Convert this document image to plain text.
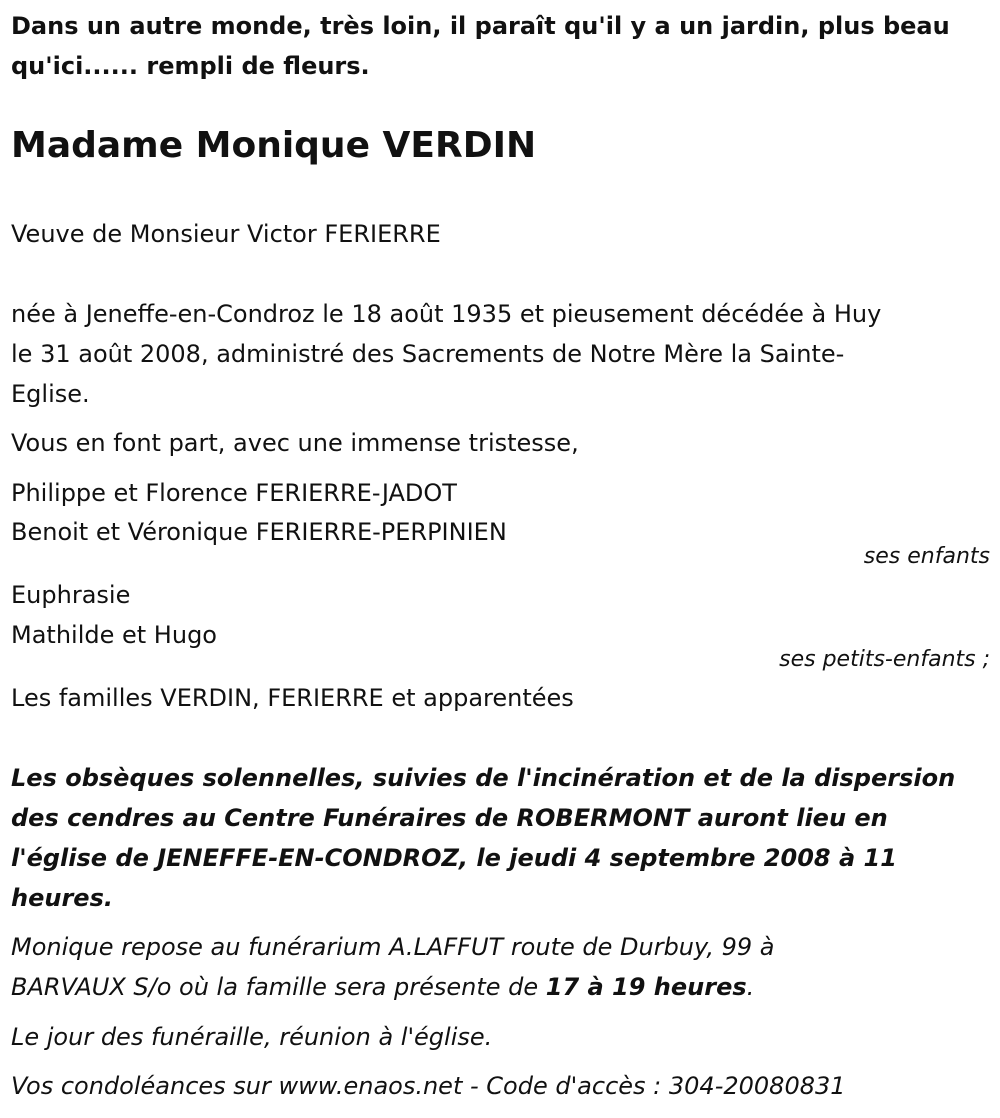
Dans un autre monde, très loin, il paraît qu'il y a un jardin, plus beau
qu'ici...... rempli de fleurs.
Madame Monique VERDIN
Veuve de Monsieur Victor FERIERRE
née à Jeneffe-en-Condroz le 18 août 1935 et pieusement décédée à Huy
le 31 août 2008, administré des Sacrements de Notre Mère la Sainte-
Eglise.
Vous en font part, avec une immense tristesse,
Philippe et Florence FERIERRE-JADOT
Benoit et Véronique FERIERRE-PERPINIEN
ses enfants
Euphrasie
Mathilde et Hugo
ses petits-enfants ;
Les familles VERDIN, FERIERRE et apparentées
Les obsèques solennelles, suivies de l'incinération et de la dispersion
des cendres au Centre Funéraires de ROBERMONT auront lieu en
l'église de JENEFFE-EN-CONDROZ, le jeudi 4 septembre 2008 à 11
heures.
Monique repose au funérarium A.LAFFUT route de Durbuy, 99 à
BARVAUX S/o où la famille sera présente de 17 à 19 heures.
Le jour des funéraille, réunion à l'église.
Vos condoléances sur www.enaos.net - Code d'accès : 304-20080831
